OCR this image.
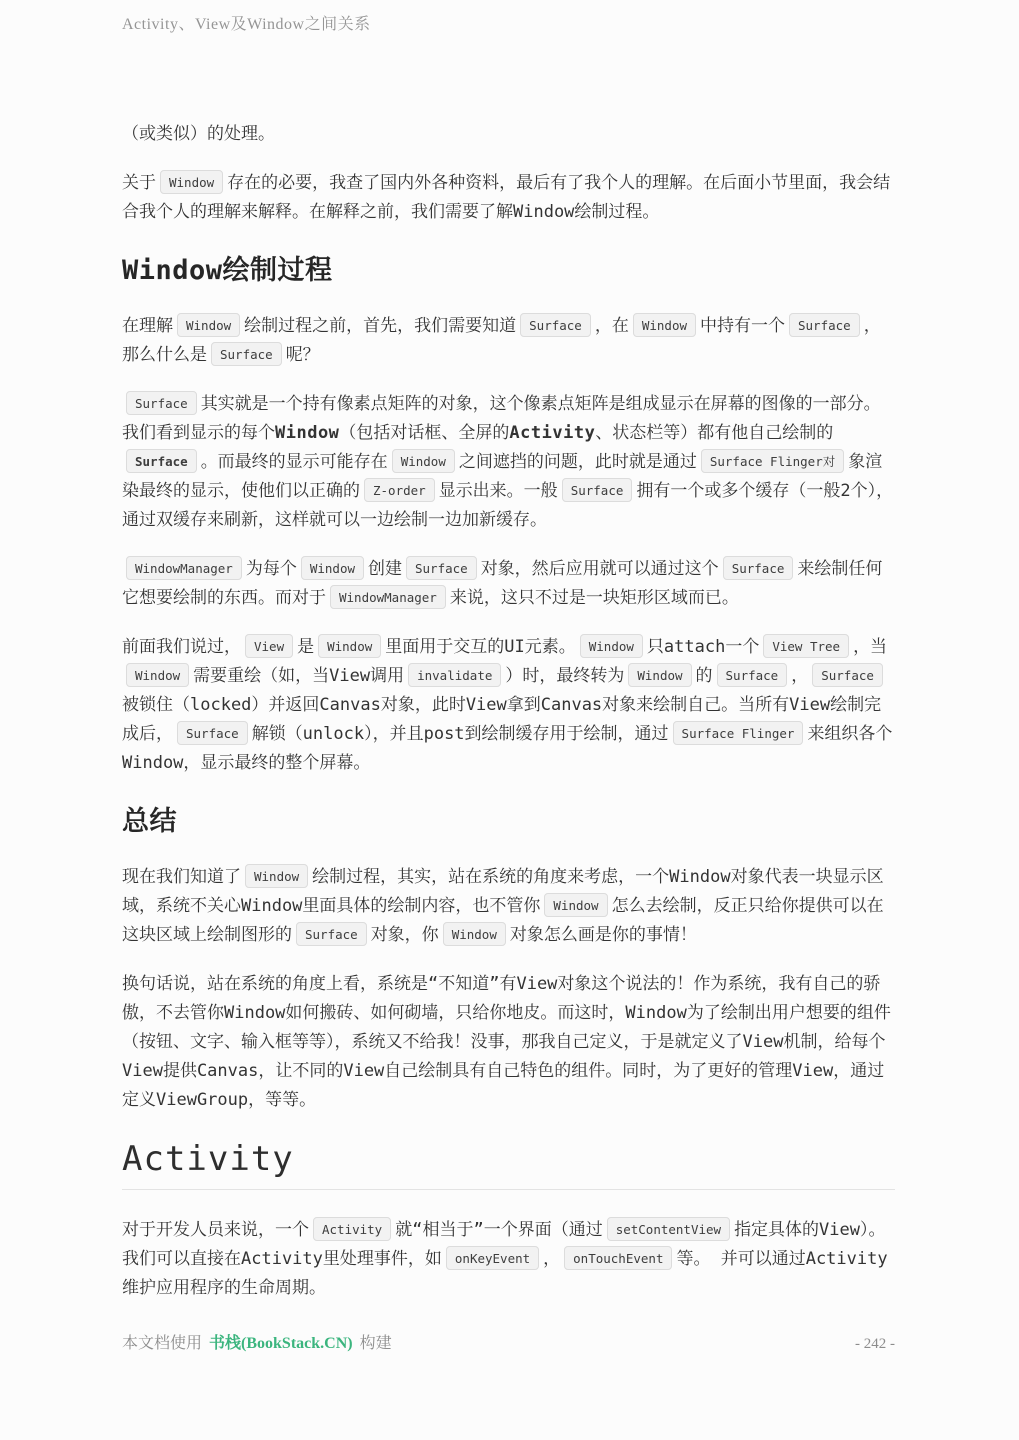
Activity、View及Window之间关系

（或类似）的处理。

关于 Window 存在的必要，我查了国内外各种资料，最后有了我个人的理解。在后面小节里面，我会结合我个人的理解来解释。在解释之前，我们需要了解Window绘制过程。

Window绘制过程

在理解 Window 绘制过程之前，首先，我们需要知道 Surface ，在 Window 中持有一个 Surface ，那么什么是 Surface 呢？

Surface 其实就是一个持有像素点矩阵的对象，这个像素点矩阵是组成显示在屏幕的图像的一部分。我们看到显示的每个Window（包括对话框、全屏的Activity、状态栏等）都有他自己绘制的Surface 。而最终的显示可能存在 Window 之间遮挡的问题，此时就是通过 Surface Flinger对 象渲染最终的显示，使他们以正确的 Z-order 显示出来。一般 Surface 拥有一个或多个缓存（一般2个），通过双缓存来刷新，这样就可以一边绘制一边加新缓存。

WindowManager 为每个 Window 创建 Surface 对象，然后应用就可以通过这个 Surface 来绘制任何它想要绘制的东西。而对于 WindowManager 来说，这只不过是一块矩形区域而已。

前面我们说过， View 是 Window 里面用于交互的UI元素。 Window 只attach一个 View Tree ，当Window 需要重绘（如，当View调用 invalidate ）时，最终转为 Window 的 Surface ， Surface被锁住（locked）并返回Canvas对象，此时View拿到Canvas对象来绘制自己。当所有View绘制完成后， Surface 解锁（unlock），并且post到绘制缓存用于绘制，通过 Surface Flinger 来组织各个Window，显示最终的整个屏幕。

总结

现在我们知道了 Window 绘制过程，其实，站在系统的角度来考虑，一个Window对象代表一块显示区域，系统不关心Window里面具体的绘制内容，也不管你 Window 怎么去绘制，反正只给你提供可以在这块区域上绘制图形的 Surface 对象，你 Window 对象怎么画是你的事情！

换句话说，站在系统的角度上看，系统是“不知道”有View对象这个说法的！作为系统，我有自己的骄傲，不去管你Window如何搬砖、如何砌墙，只给你地皮。而这时，Window为了绘制出用户想要的组件（按钮、文字、输入框等等），系统又不给我！没事，那我自己定义，于是就定义了View机制，给每个View提供Canvas，让不同的View自己绘制具有自己特色的组件。同时，为了更好的管理View，通过定义ViewGroup，等等。

Activity

对于开发人员来说，一个 Activity 就“相当于”一个界面（通过 setContentView 指定具体的View）。我们可以直接在Activity里处理事件，如 onKeyEvent ， onTouchEvent 等。 并可以通过Activity维护应用程序的生命周期。

本文档使用 书栈(BookStack.CN) 构建	- 242 -
